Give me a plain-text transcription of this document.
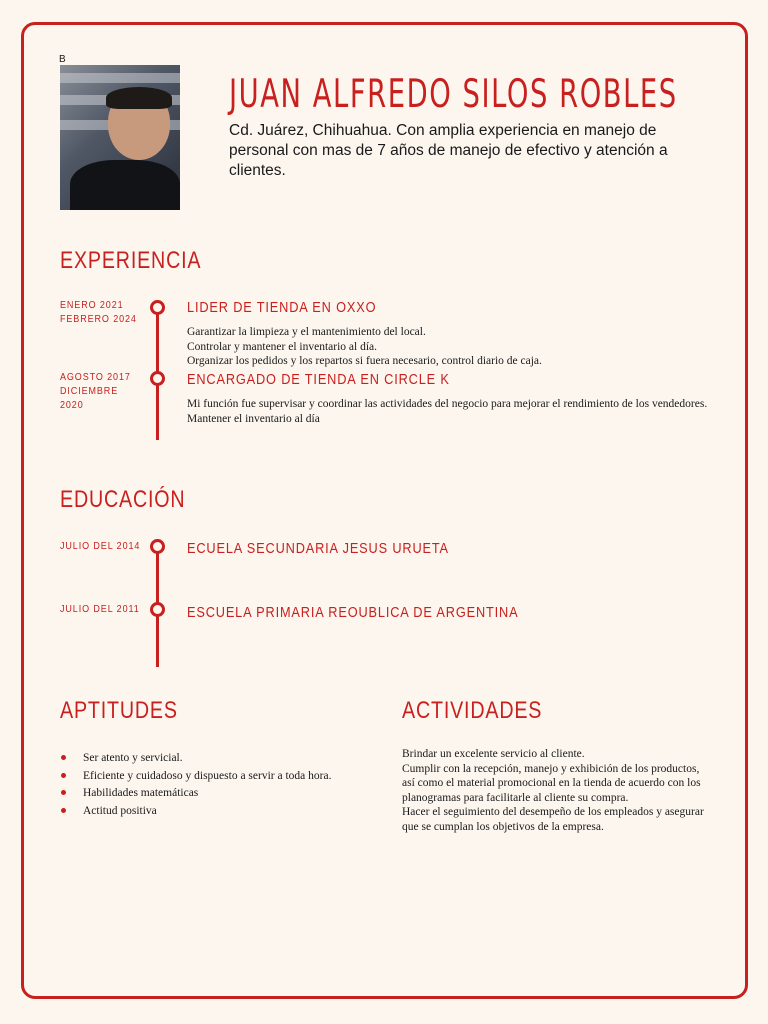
B
JUAN ALFREDO SILOS ROBLES
Cd. Juárez, Chihuahua. Con amplia experiencia en manejo de personal con mas de 7 años de manejo de efectivo y atención a clientes.
EXPERIENCIA
ENERO 2021
FEBRERO 2024
LIDER DE TIENDA EN OXXO
Garantizar la limpieza y el mantenimiento del local.
Controlar y mantener el inventario al día.
Organizar los pedidos y los repartos si fuera necesario, control diario de caja.
AGOSTO 2017
DICIEMBRE
2020
ENCARGADO DE TIENDA EN CIRCLE K
Mi función fue supervisar y coordinar las actividades del negocio para mejorar el rendimiento de los vendedores.
Mantener el inventario al día
EDUCACIÓN
JULIO DEL 2014	ECUELA SECUNDARIA JESUS URUETA
JULIO DEL 2011	ESCUELA PRIMARIA REOUBLICA DE ARGENTINA
APTITUDES
Ser atento y servicial.
Eficiente y cuidadoso y dispuesto a servir a toda hora.
Habilidades matemáticas
Actitud positiva
ACTIVIDADES
Brindar un excelente servicio al cliente.
Cumplir con la recepción, manejo y exhibición de los productos, así como el material promocional en la tienda de acuerdo con los planogramas para facilitarle al cliente su compra.
Hacer el seguimiento del desempeño de los empleados y asegurar que se cumplan los objetivos de la empresa.
